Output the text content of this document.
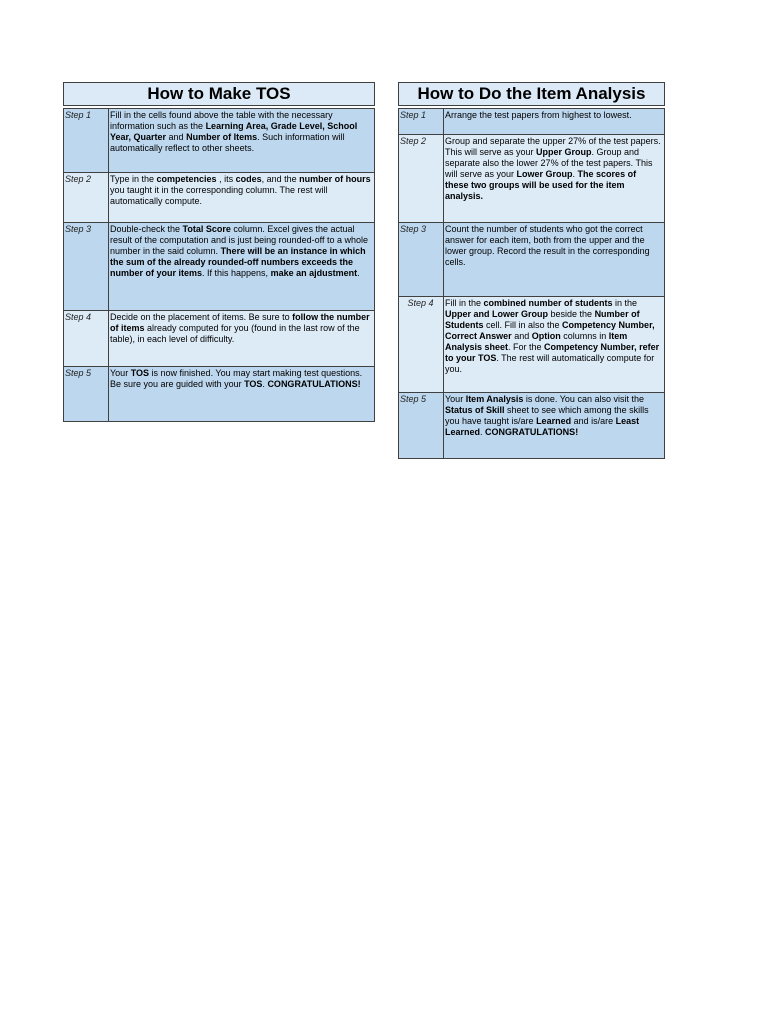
How to Make TOS
Step 1	Fill in the cells found above the table with the necessary information such as the Learning Area, Grade Level, School Year, Quarter and Number of Items. Such information will automatically reflect to other sheets.
Step 2	Type in the competencies , its codes, and the number of hours you taught it in the corresponding column. The rest will automatically compute.
Step 3	Double-check the Total Score column. Excel gives the actual result of the computation and is just being rounded-off to a whole number in the said column. There will be an instance in which the sum of the already rounded-off numbers exceeds the number of your items. If this happens, make an ajdustment.
Step 4	Decide on the placement of items. Be sure to follow the number of items already computed for you (found in the last row of the table), in each level of difficulty.
Step 5	Your TOS is now finished. You may start making test questions. Be sure you are guided with your TOS. CONGRATULATIONS!
How to Do the Item Analysis
Step 1	Arrange the test papers from highest to lowest.
Step 2	Group and separate the upper 27% of the test papers. This will serve as your Upper Group. Group and separate also the lower 27% of the test papers. This will serve as your Lower Group. The scores of these two groups will be used for the item analysis.
Step 3	Count the number of students who got the correct answer for each item, both from the upper and the lower group. Record the result in the corresponding cells.
Step 4	Fill in the combined number of students in the Upper and Lower Group beside the Number of Students cell. Fill in also the Competency Number, Correct Answer and Option columns in Item Analysis sheet. For the Competency Number, refer to your TOS. The rest will automatically compute for you.
Step 5	Your Item Analysis is done. You can also visit the Status of Skill sheet to see which among the skills you have taught is/are Learned and is/are Least Learned. CONGRATULATIONS!
